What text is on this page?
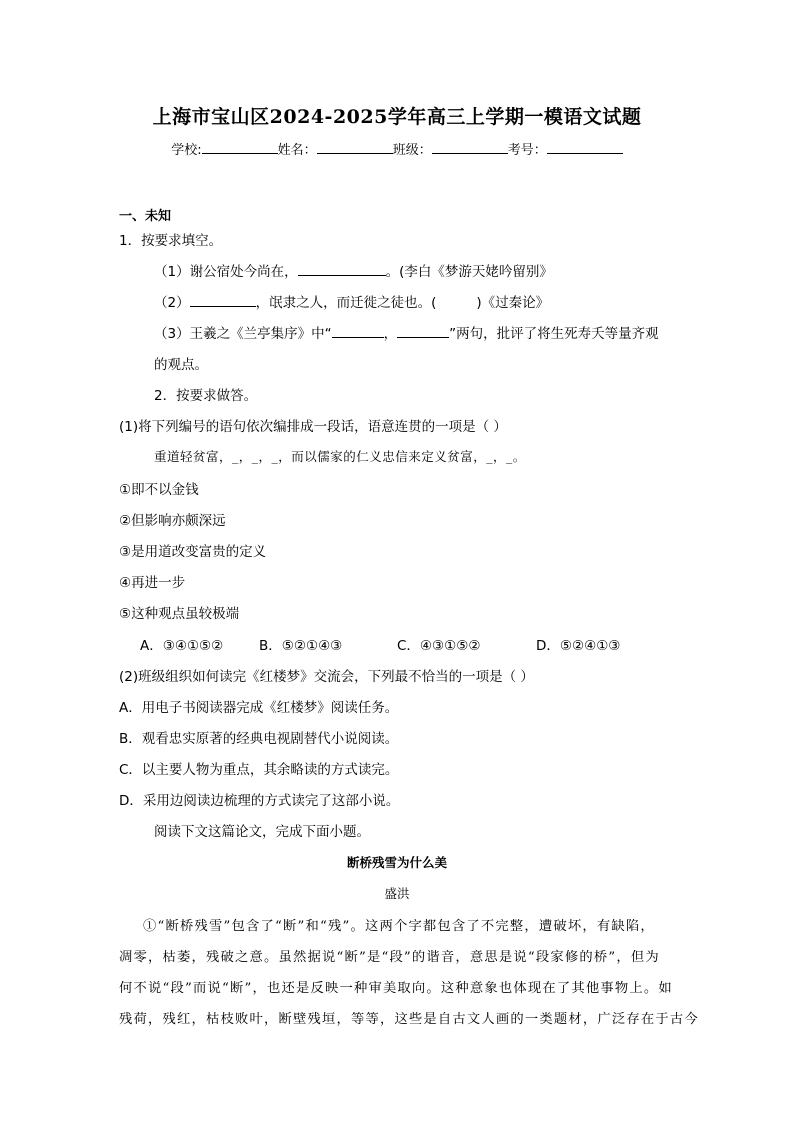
上海市宝山区2024-2025学年高三上学期一模语文试题
学校:	姓名：	班级：	考号：
一、未知
1．按要求填空。
（1）谢公宿处今尚在，	。(李白《梦游天姥吟留别》
（2）	，氓隶之人，而迁徙之徒也。(	)《过秦论》
（3）王羲之《兰亭集序》中“	，	”两句，批评了将生死寿夭等量齐观
的观点。
2．按要求做答。
(1)将下列编号的语句依次编排成一段话，语意连贯的一项是（ ）
重道轻贫富，_，_，_，而以儒家的仁义忠信来定义贫富，_，_。
①即不以金钱
②但影响亦颇深远
③是用道改变富贵的定义
④再进一步
⑤这种观点虽较极端
A．③④①⑤②	B．⑤②①④③	C．④③①⑤②	D．⑤②④①③
(2)班级组织如何读完《红楼梦》交流会，下列最不恰当的一项是（ ）
A．用电子书阅读器完成《红楼梦》阅读任务。
B．观看忠实原著的经典电视剧替代小说阅读。
C．以主要人物为重点，其余略读的方式读完。
D．采用边阅读边梳理的方式读完了这部小说。
阅读下文这篇论文，完成下面小题。
断桥残雪为什么美
盛洪
①“断桥残雪”包含了“断”和“残”。这两个字都包含了不完整，遭破坏，有缺陷，
凋零，枯萎，残破之意。虽然据说“断”是“段”的谐音，意思是说“段家修的桥”，但为
何不说“段”而说“断”，也还是反映一种审美取向。这种意象也体现在了其他事物上。如
残荷，残红，枯枝败叶，断壁残垣，等等，这些是自古文人画的一类题材，广泛存在于古今
